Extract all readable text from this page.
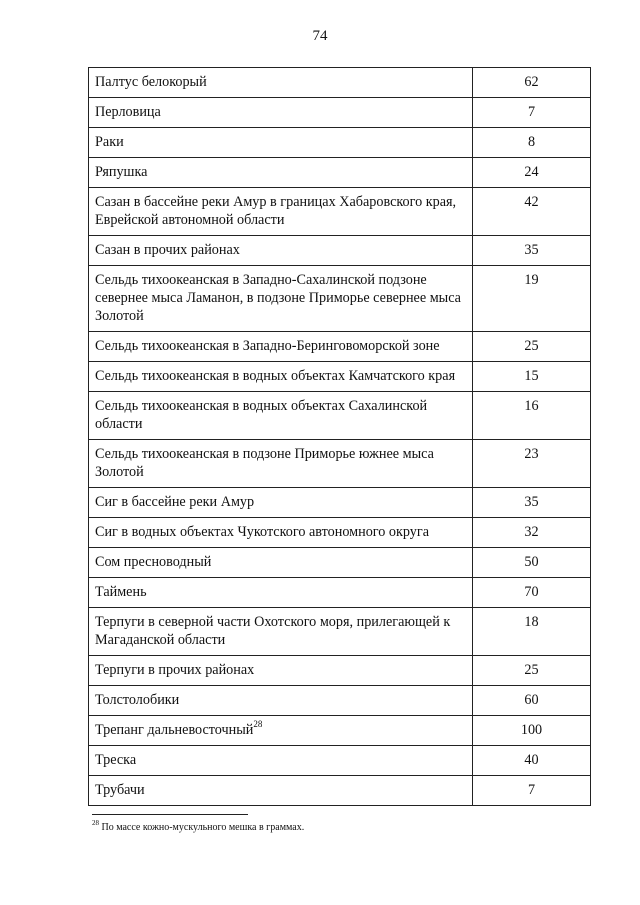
74
Палтус белокорый	62
Перловица	7
Раки	8
Ряпушка	24
Сазан в бассейне реки Амур в границах Хабаровского края, Еврейской автономной области	42
Сазан в прочих районах	35
Сельдь тихоокеанская в Западно-Сахалинской подзоне севернее мыса Ламанон, в подзоне Приморье севернее мыса Золотой	19
Сельдь тихоокеанская в Западно-Беринговоморской зоне	25
Сельдь тихоокеанская в водных объектах Камчатского края	15
Сельдь тихоокеанская в водных объектах Сахалинской области	16
Сельдь тихоокеанская в подзоне Приморье южнее мыса Золотой	23
Сиг в бассейне реки Амур	35
Сиг в водных объектах Чукотского автономного округа	32
Сом пресноводный	50
Таймень	70
Терпуги в северной части Охотского моря, прилегающей к Магаданской области	18
Терпуги в прочих районах	25
Толстолобики	60
Трепанг дальневосточный$^{28}$	100
Треска	40
Трубачи	7
$^{28}$ По массе кожно-мускульного мешка в граммах.
